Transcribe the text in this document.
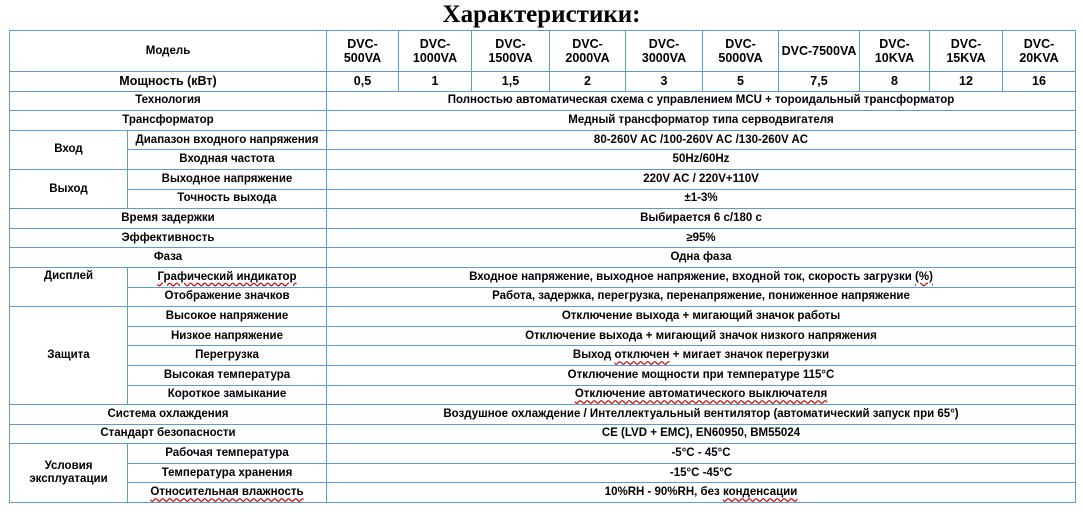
Характеристики:
Модель		DVC-500VA	DVC-1000VA	DVC-1500VA	DVC-2000VA	DVC-3000VA	DVC-5000VA	DVC-7500VA	DVC-10KVA	DVC-15KVA	DVC-20KVA
Мощность (кВт)		0,5	1	1,5	2	3	5	7,5	8	12	16
Технология		Полностью автоматическая схема с управлением MCU + тороидальный трансформатор									
Трансформатор		Медный трансформатор типа серводвигателя									
Вход	Диапазон входного напряжения	80-260V AC /100-260V AC /130-260V AC									
	Входная частота	50Hz/60Hz									
Выход	Выходное напряжение	220V AC / 220V+110V									
	Точность выхода	±1-3%									
Время задержки		Выбирается 6 с/180 с									
Эффективность		≥95%									
Фаза		Одна фаза									
Дисплей	Графический индикатор	Входное напряжение, выходное напряжение, входной ток, скорость загрузки (%)									
	Отображение значков	Работа, задержка, перегрузка, перенапряжение, пониженное напряжение									
Защита	Высокое напряжение	Отключение выхода + мигающий значок работы									
	Низкое напряжение	Отключение выхода + мигающий значок низкого напряжения									
	Перегрузка	Выход отключен + мигает значок перегрузки									
	Высокая температура	Отключение мощности при температуре 115°C									
	Короткое замыкание	Отключение автоматического выключателя									
Система охлаждения		Воздушное охлаждение / Интеллектуальный вентилятор (автоматический запуск при 65°)									
Стандарт безопасности		CE (LVD + EMC), EN60950, BM55024									
Условия эксплуатации	Рабочая температура	-5°C - 45°C									
	Температура хранения	-15°C -45°C									
	Относительная влажность	10%RH - 90%RH, без конденсации									
